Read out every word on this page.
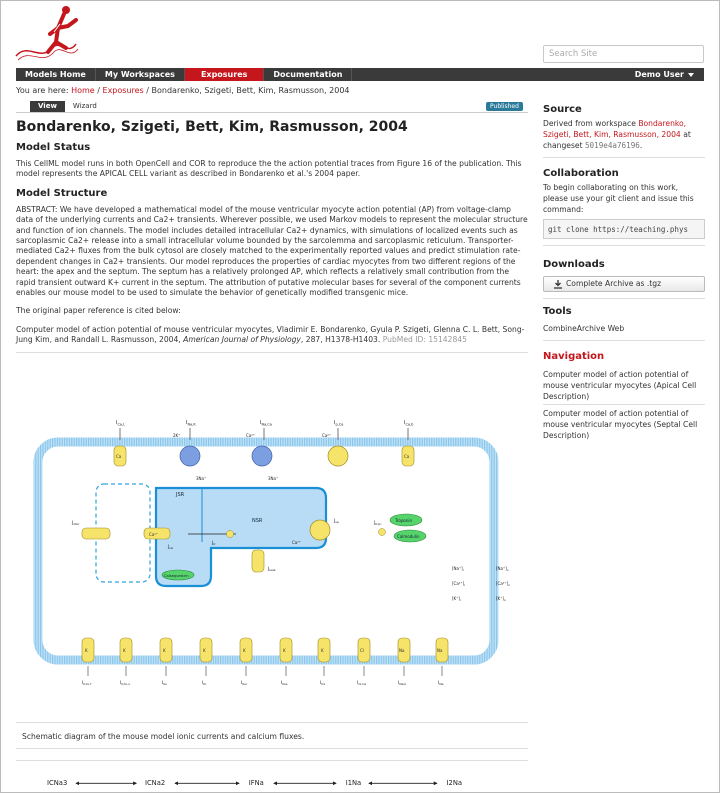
Search Site
Models Home	My Workspaces	Exposures	Documentation	Demo User
You are here: Home / Exposures / Bondarenko, Szigeti, Bett, Kim, Rasmusson, 2004
View	Wizard	Published
Bondarenko, Szigeti, Bett, Kim, Rasmusson, 2004
Model Status

This CellML model runs in both OpenCell and COR to reproduce the the action potential traces from Figure 16 of the publication. This model represents the APICAL CELL variant as described in Bondarenko et al.'s 2004 paper.

Model Structure

ABSTRACT: We have developed a mathematical model of the mouse ventricular myocyte action potential (AP) from voltage-clamp data of the underlying currents and Ca2+ transients. Wherever possible, we used Markov models to represent the molecular structure and function of ion channels. The model includes detailed intracellular Ca2+ dynamics, with simulations of localized events such as sarcoplasmic Ca2+ release into a small intracellular volume bounded by the sarcolemma and sarcoplasmic reticulum. Transporter-mediated Ca2+ fluxes from the bulk cytosol are closely matched to the experimentally reported values and predict stimulation rate-dependent changes in Ca2+ transients. Our model reproduces the properties of cardiac myocytes from two different regions of the heart: the apex and the septum. The septum has a relatively prolonged AP, which reflects a relatively small contribution from the rapid transient outward K+ current in the septum. The attribution of putative molecular bases for several of the component currents enables our mouse model to be used to simulate the behavior of genetically modified transgenic mice.

The original paper reference is cited below:

Computer model of action potential of mouse ventricular myocytes, Vladimir E. Bondarenko, Gyula P. Szigeti, Glenna C. L. Bett, Song-Jung Kim, and Randall L. Rasmusson, 2004, American Journal of Physiology, 287, H1378-H1403. PubMed ID: 15142845

JSR
NSR
$I_{Ca,L}$	$I_{Na,K}$	$I_{Na,Ca}$	$I_{p,Ca}$	$I_{Ca,b}$
2K⁺	Ca²⁺	Ca²⁺
3Na⁺	3Na⁺
Ca	Ca
$J_{xfer}$
Ca²⁺
$J_{rel}$
$J_{tr}$
$J_{up}$
Ca²⁺
$J_{leak}$
Calsequestrin
Troponin
Calmodulin
$J_{trpn}$
$[Na^+]_i$
$[Ca^{2+}]_i$
$[K^+]_i$
$[Na^+]_o$
$[Ca^{2+}]_o$
$[K^+]_o$
K	K	K	K	K	K	K	Cl	Na	Na
$I_{K,to,f}$	$I_{K,to,s}$	$I_{Ks}$	$I_{Kr}$	$I_{Kur}$	$I_{Kss}$	$I_{K1}$	$I_{Cl,Ca}$	$I_{Na,b}$	$I_{Na}$
Schematic diagram of the mouse model ionic currents and calcium fluxes.
ICNa3	ICNa2	IFNa	I1Na	I2Na
Source

Derived from workspace Bondarenko, Szigeti, Bett, Kim, Rasmusson, 2004 at changeset 5019e4a76196.

Collaboration

To begin collaborating on this work, please use your git client and issue this command:

git clone https://teaching.phys
Downloads
Complete Archive as .tgz
Tools

CombineArchive Web

Navigation

Computer model of action potential of mouse ventricular myocytes (Apical Cell Description)

Computer model of action potential of mouse ventricular myocytes (Septal Cell Description)
